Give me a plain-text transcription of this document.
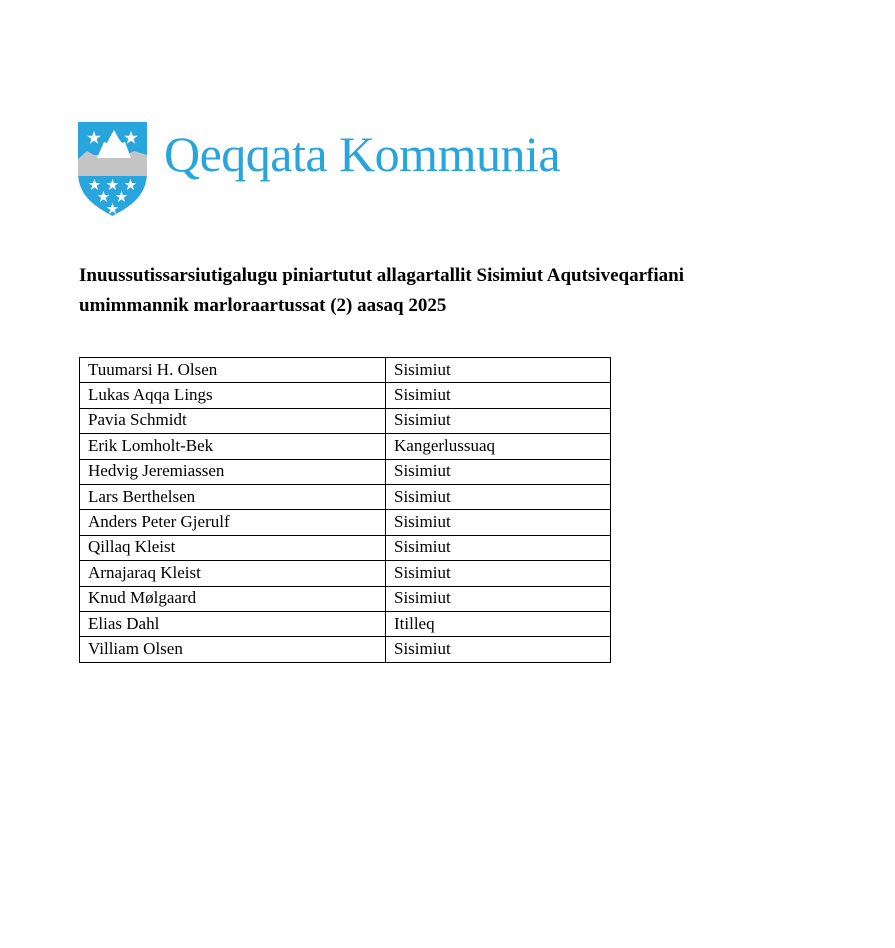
Qeqqata Kommunia
Inuussutissarsiutigalugu piniartutut allagartallit Sisimiut Aqutsiveqarfiani
umimmannik marloraartussat (2) aasaq 2025
Tuumarsi H. Olsen	Sisimiut
Lukas Aqqa Lings	Sisimiut
Pavia Schmidt	Sisimiut
Erik Lomholt-Bek	Kangerlussuaq
Hedvig Jeremiassen	Sisimiut
Lars Berthelsen	Sisimiut
Anders Peter Gjerulf	Sisimiut
Qillaq Kleist	Sisimiut
Arnajaraq Kleist	Sisimiut
Knud Mølgaard	Sisimiut
Elias Dahl	Itilleq
Villiam Olsen	Sisimiut
